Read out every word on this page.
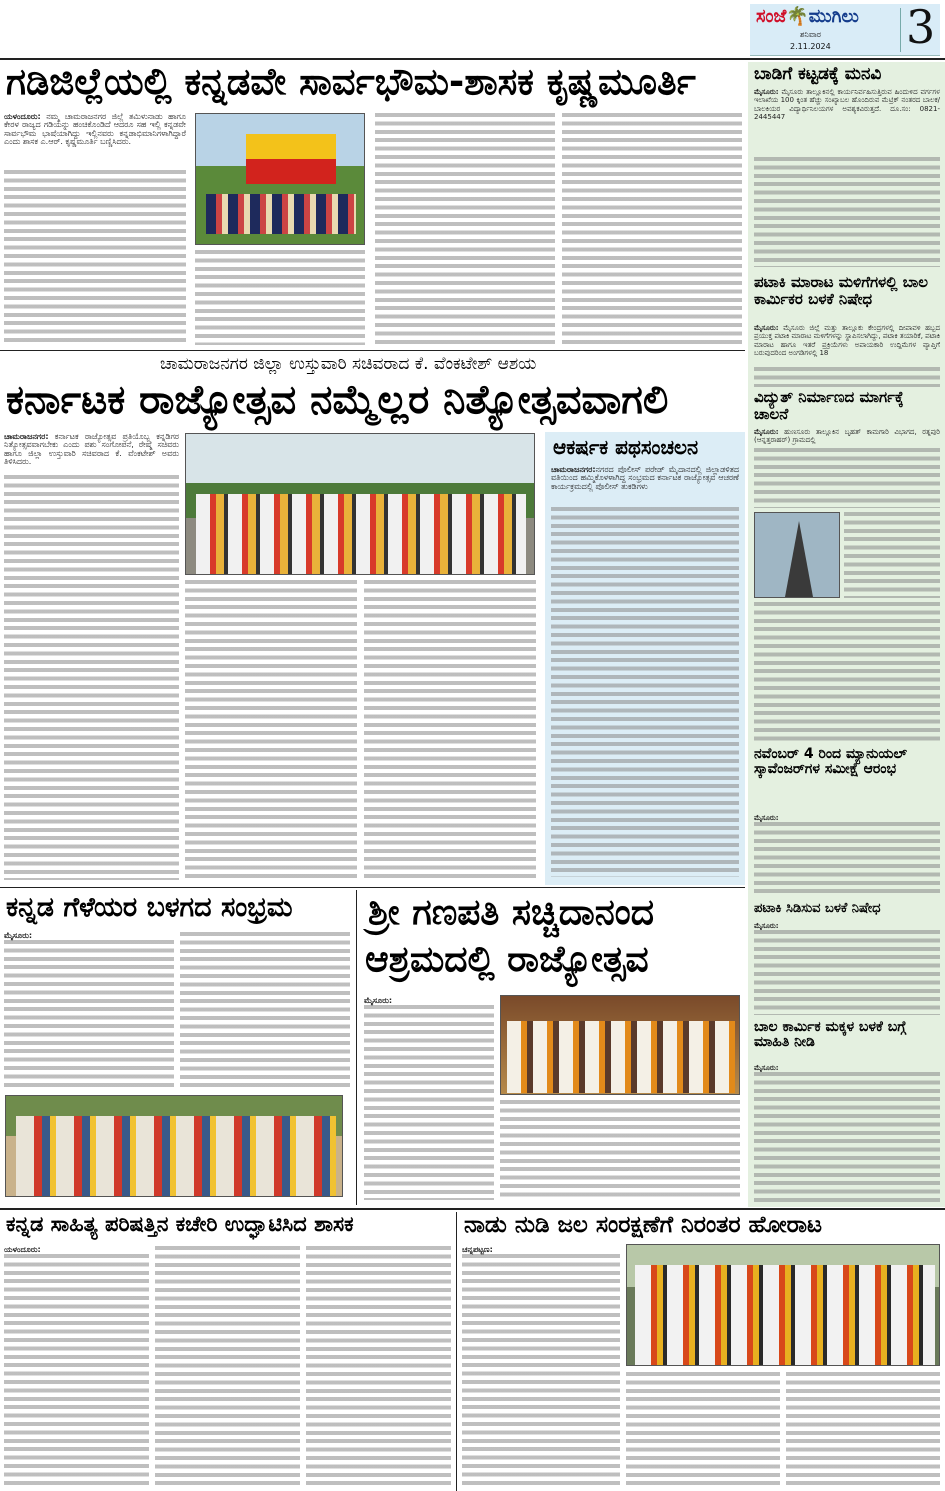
ಸಂಜೆ🌴ಮುಗಿಲು
ಶನಿವಾರ
2.11.2024 3
ಗಡಿಜಿಲ್ಲೆಯಲ್ಲಿ ಕನ್ನಡವೇ ಸಾರ್ವಭೌಮ-ಶಾಸಕ ಕೃಷ್ಣಮೂರ್ತಿ
ಯಳಂದೂರು: ನಮ್ಮ ಚಾಮರಾಜನಗರ ಜಿಲ್ಲೆ ತಮಿಳುನಾಡು ಹಾಗೂ ಕೇರಳ ರಾಜ್ಯದ ಗಡಿಯನ್ನು ಹಂಚಿಕೊಂಡಿದೆ ಆದರೂ ಸಹ ಇಲ್ಲಿ ಕನ್ನಡವೇ ಸಾರ್ವಭೌಮ ಭಾಷೆಯಾಗಿದ್ದು ಇಲ್ಲಿನವರು ಕನ್ನಡಾಭಿಮಾನಿಗಳಾಗಿದ್ದಾರೆ ಎಂದು ಶಾಸಕ ಎ.ಆರ್. ಕೃಷ್ಣಮೂರ್ತಿ ಬಣ್ಣಿಸಿದರು.
ಚಾಮರಾಜನಗರ ಜಿಲ್ಲಾ ಉಸ್ತುವಾರಿ ಸಚಿವರಾದ ಕೆ. ವೆಂಕಟೇಶ್ ಆಶಯ
ಕರ್ನಾಟಕ ರಾಜ್ಯೋತ್ಸವ ನಮ್ಮೆಲ್ಲರ ನಿತ್ಯೋತ್ಸವವಾಗಲಿ
ಚಾಮರಾಜನಗರ: ಕರ್ನಾಟಕ ರಾಜ್ಯೋತ್ಸವ ಪ್ರತಿಯೊಬ್ಬ ಕನ್ನಡಿಗರ ನಿತ್ಯೋತ್ಸವವಾಗಬೇಕು ಎಂದು ಪಶು ಸಂಗೋಪನೆ, ರೇಷ್ಮೆ ಸಚಿವರು ಹಾಗೂ ಜಿಲ್ಲಾ ಉಸ್ತುವಾರಿ ಸಚಿವರಾದ ಕೆ. ವೆಂಕಟೇಶ್ ಅವರು ತಿಳಿಸಿದರು.
ಆಕರ್ಷಕ ಪಥಸಂಚಲನ
ಚಾಮರಾಜನಗರ:ನಗರದ ಪೊಲೀಸ್ ಪರೇಡ್ ಮೈದಾನದಲ್ಲಿ ಜಿಲ್ಲಾಡಳಿತದ ವತಿಯಿಂದ ಹಮ್ಮಿಕೊಳಳಾಗಿದ್ದ ಸಂಭ್ರಮದ ಕರ್ನಾಟಕ ರಾಜ್ಯೋತ್ಸವ ಆಚರಣೆ ಕಾರ್ಯಕ್ರಮದಲ್ಲಿ ಪೊಲೀಸ್ ತುಕಡಿಗಳು
ಕನ್ನಡ ಗೆಳೆಯರ ಬಳಗದ ಸಂಭ್ರಮ
ಮೈಸೂರು:
ಶ್ರೀ ಗಣಪತಿ ಸಚ್ಚಿದಾನಂದ
ಆಶ್ರಮದಲ್ಲಿ ರಾಜ್ಯೋತ್ಸವ
ಮೈಸೂರು:
ಬಾಡಿಗೆ ಕಟ್ಟಡಕ್ಕೆ ಮನವಿ
ಮೈಸೂರು: ಮೈಸೂರು ತಾಲ್ಲೂಕಿನಲ್ಲಿ ಕಾರ್ಯನಿರ್ವಹಿಸುತ್ತಿರುವ ಹಿಂದುಳಿದ ವರ್ಗಗಳ ಇಲಾಖೆಯ 100 ಕ್ಕಿಂತ ಹೆಚ್ಚು ಸಂಖ್ಯಾಬಲ ಹೊಂದಿರುವ ಮೆಟ್ರಿಕ್ ನಂತರದ ಬಾಲಕ/ಬಾಲಕಿಯರ ವಿದ್ಯಾರ್ಥಿನಿಲಯಗಳ ಅವಶ್ಯಕವಿರುತ್ತದೆ. ದೂ.ಸಂ: 0821-2445447
ಪಟಾಕಿ ಮಾರಾಟ ಮಳಿಗೆಗಳಲ್ಲಿ ಬಾಲ ಕಾರ್ಮಿಕರ ಬಳಕೆ ನಿಷೇಧ
ಮೈಸೂರು: ಮೈಸೂರು ಜಿಲ್ಲೆ ಮತ್ತು ತಾಲ್ಲೂಕು ಕೇಂದ್ರಗಳಲ್ಲಿ ದೀಪಾವಳಿ ಹಬ್ಬದ ಪ್ರಯುಕ್ತ ಪಟಾಕಿ ಮಾರಾಟ ಮಳಿಗೆಗಳನ್ನು ಸ್ಥಾಪಿಸಲಾಗಿದ್ದು, ಪಟಾಕಿ ತಯಾರಿಕೆ, ಪಟಾಕಿ ಮಾರಾಟ ಹಾಗೂ ಇತರೆ ಪ್ರಕ್ರಿಯೆಗಳು ಅಪಾಯಕಾರಿ ಉದ್ದಿಮೆಗಳ ವ್ಯಾಪ್ತಿಗೆ ಬರುವುದರಿಂದ ಅಂಗಡಿಗಳಲ್ಲಿ 18
ವಿದ್ಯುತ್ ನಿರ್ಮಾಣದ ಮಾರ್ಗಕ್ಕೆ ಚಾಲನೆ
ಮೈಸೂರು: ಹುಣಸೂರು ತಾಲ್ಲೂಕಿನ ಬೃಹತ್ ಕಾಮಗಾರಿ ವಿಭಾಗದ, ರತ್ನಪುರಿ (ಆನ್ನತ್ತರಾಹರ್) ಗ್ರಾಮದಲ್ಲಿ
ನವೆಂಬರ್ 4 ರಿಂದ ಮ್ಯಾನುಯಲ್ ಸ್ಕಾವೆಂಜರ್‌ಗಳ ಸಮೀಕ್ಷೆ ಆರಂಭ
ಮೈಸೂರು:
ಪಟಾಕಿ ಸಿಡಿಸುವ ಬಳಕೆ ನಿಷೇಧ
ಮೈಸೂರು:
ಬಾಲ ಕಾರ್ಮಿಕ ಮಕ್ಕಳ ಬಳಕೆ ಬಗ್ಗೆ ಮಾಹಿತಿ ನೀಡಿ
ಮೈಸೂರು:
ಕನ್ನಡ ಸಾಹಿತ್ಯ ಪರಿಷತ್ತಿನ ಕಚೇರಿ ಉದ್ಘಾಟಿಸಿದ ಶಾಸಕ
ಯಳಂದೂರು:
ನಾಡು ನುಡಿ ಜಲ ಸಂರಕ್ಷಣೆಗೆ ನಿರಂತರ ಹೋರಾಟ
ಚನ್ನಪಟ್ಟಣ:
